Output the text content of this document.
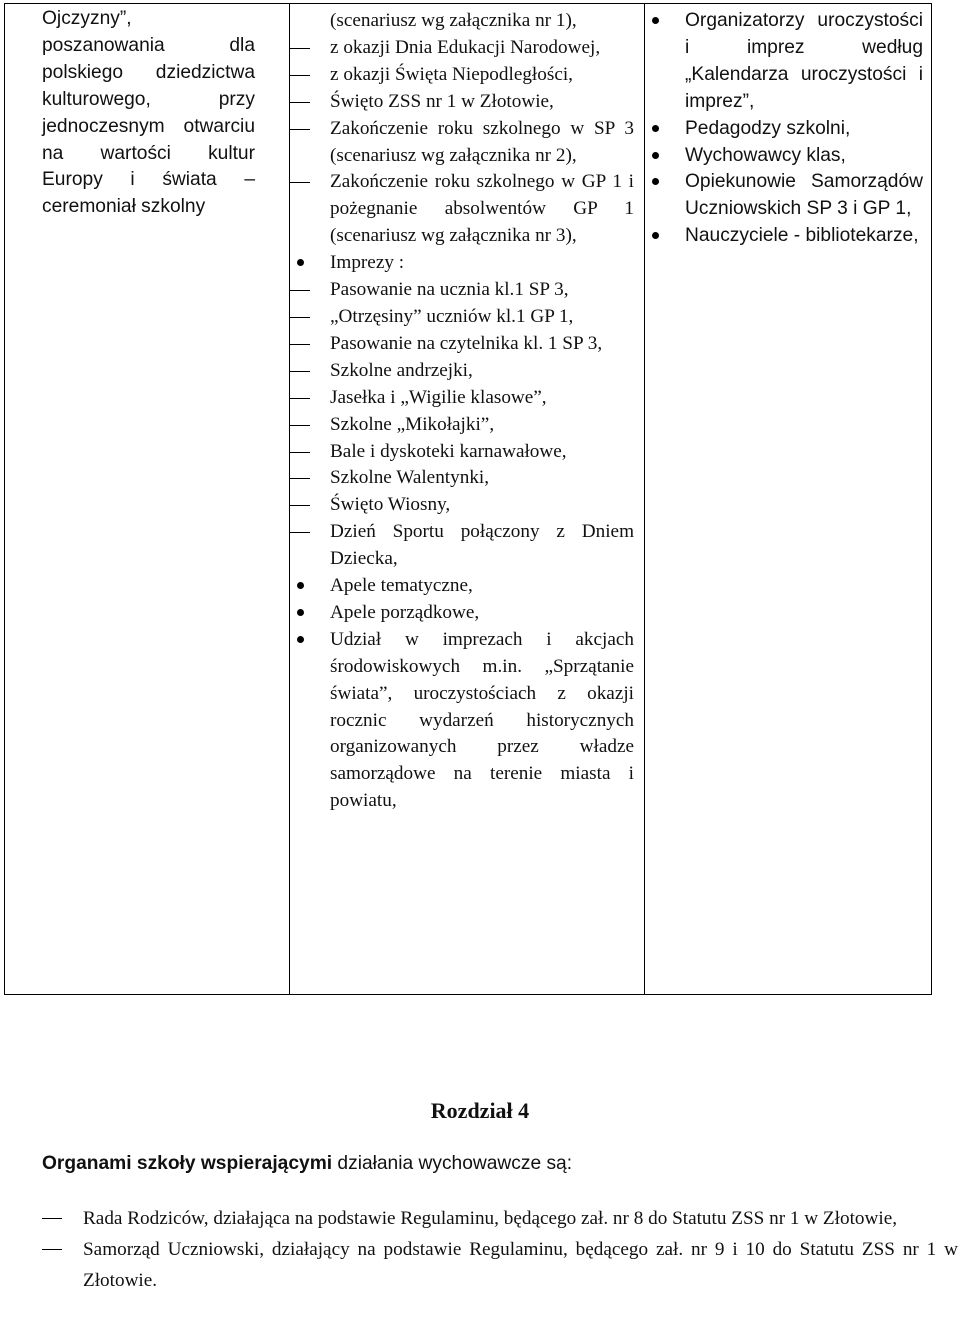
Ojczyzny”, poszanowania dla polskiego dziedzictwa kulturowego, przy jednoczesnym otwarciu na wartości kultur Europy i świata – ceremoniał szkolny
(scenariusz wg załącznika nr 1),
z okazji Dnia Edukacji Narodowej,
z okazji Święta Niepodległości,
Święto ZSS nr 1 w Złotowie,
Zakończenie roku szkolnego w SP 3 (scenariusz wg załącznika nr 2),
Zakończenie roku szkolnego w GP 1 i pożegnanie absolwentów GP 1 (scenariusz wg załącznika nr 3),
Imprezy :
Pasowanie na ucznia kl.1 SP 3,
„Otrzęsiny” uczniów kl.1 GP 1,
Pasowanie na czytelnika kl. 1 SP 3,
Szkolne andrzejki,
Jasełka i „Wigilie klasowe”,
Szkolne „Mikołajki”,
Bale i dyskoteki karnawałowe,
Szkolne Walentynki,
Święto Wiosny,
Dzień Sportu połączony z Dniem Dziecka,
Apele tematyczne,
Apele porządkowe,
Udział w imprezach i akcjach środowiskowych m.in. „Sprzątanie świata”, uroczystościach z okazji rocznic wydarzeń historycznych organizowanych przez władze samorządowe na terenie miasta i powiatu,
Organizatorzy uroczystości i imprez według „Kalendarza uroczystości i imprez”,
Pedagodzy szkolni,
Wychowawcy klas,
Opiekunowie Samorządów Uczniowskich SP 3 i GP 1,
Nauczyciele - bibliotekarze,
Rozdział 4
Organami szkoły wspierającymi działania wychowawcze są:
Rada Rodziców, działająca na podstawie Regulaminu, będącego zał. nr 8 do Statutu ZSS nr 1 w Złotowie,
Samorząd Uczniowski, działający na podstawie Regulaminu, będącego zał. nr 9 i 10 do Statutu ZSS nr 1 w Złotowie.
